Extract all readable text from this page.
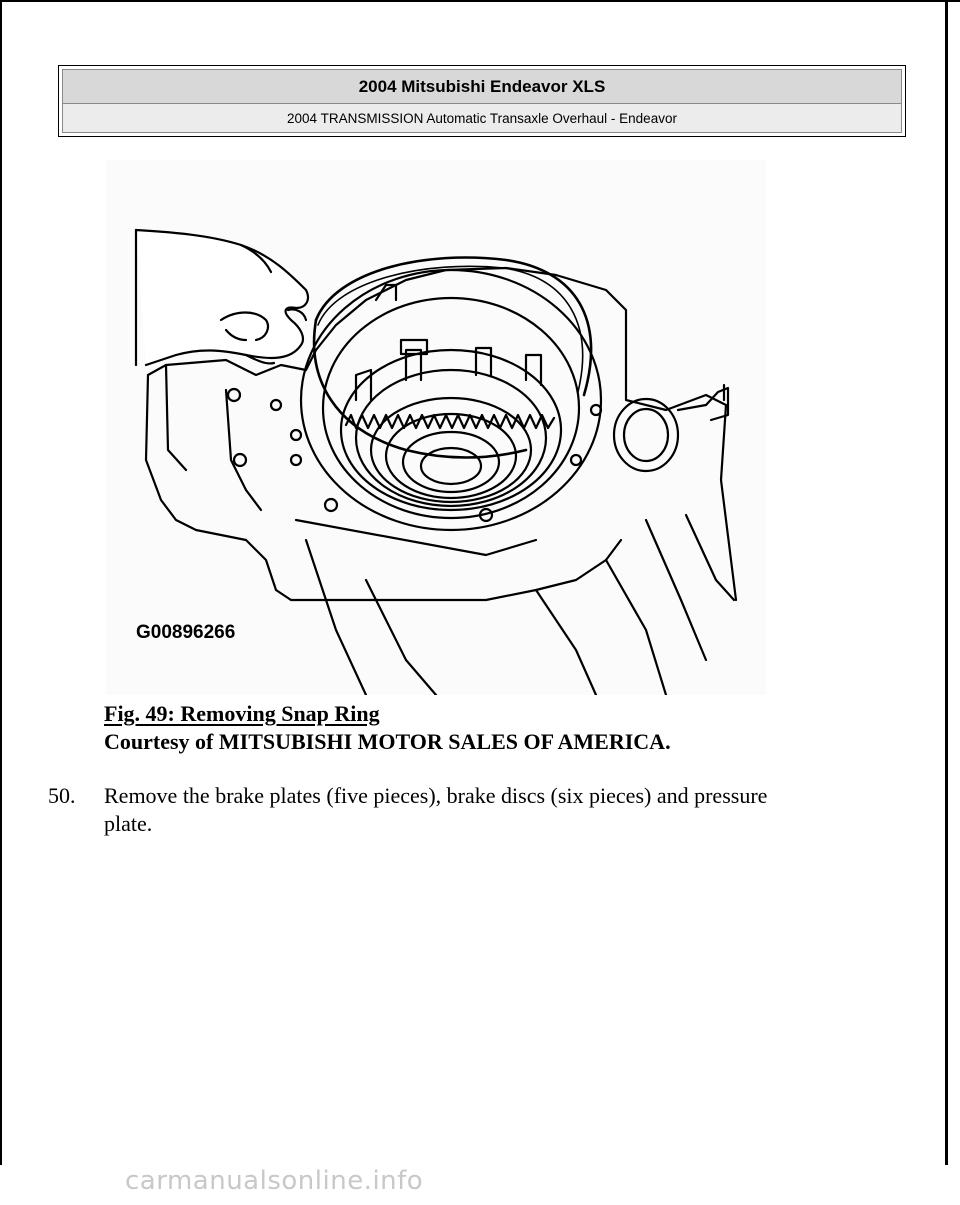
2004 Mitsubishi Endeavor XLS
2004 TRANSMISSION Automatic Transaxle Overhaul - Endeavor
G00896266
Fig. 49: Removing Snap Ring
Courtesy of MITSUBISHI MOTOR SALES OF AMERICA.
50. Remove the brake plates (five pieces), brake discs (six pieces) and pressure
plate.
carmanualsonline.info
